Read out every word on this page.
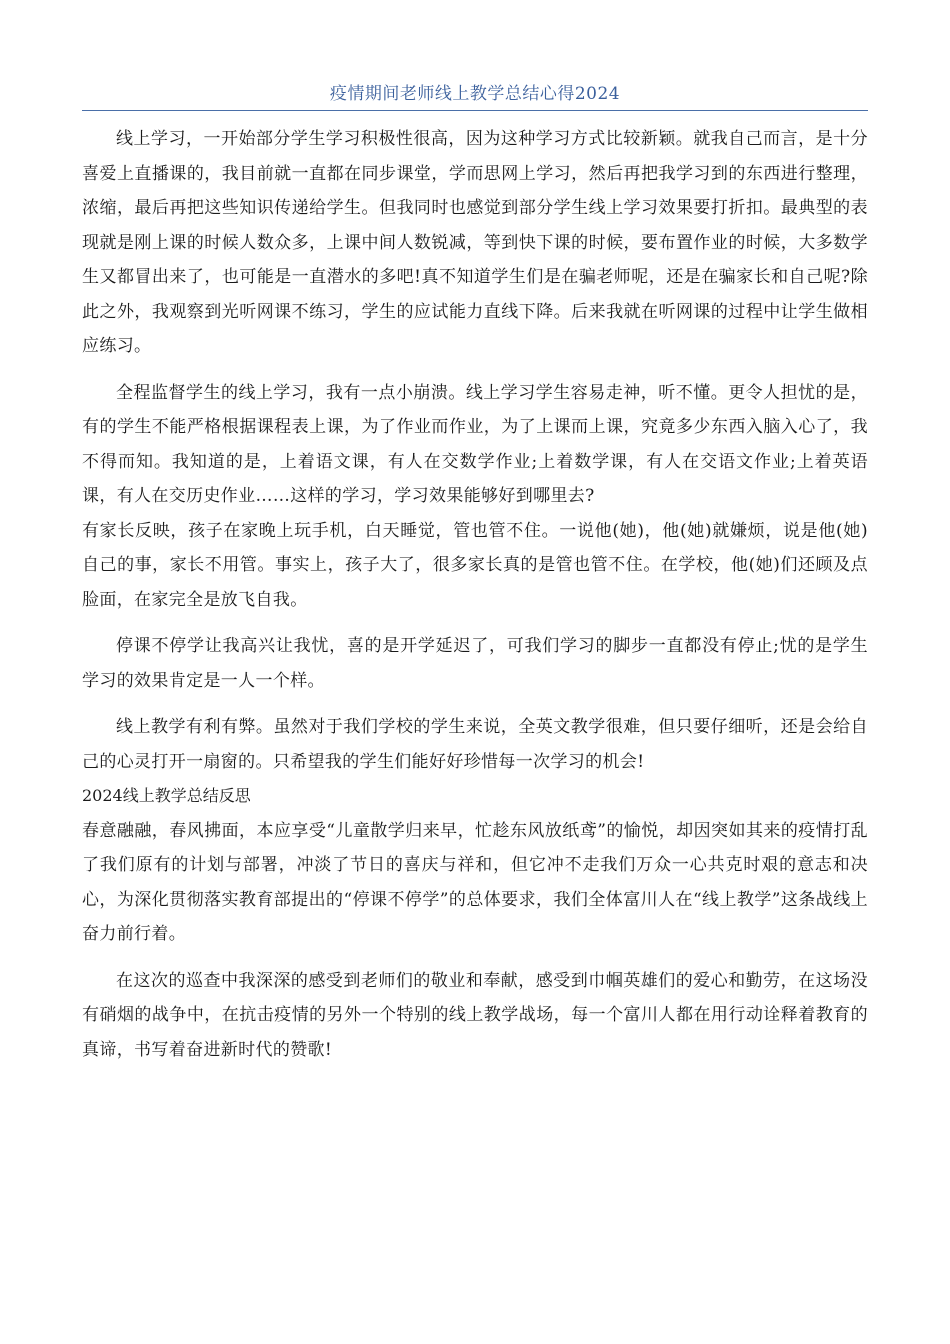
疫情期间老师线上教学总结心得2024

线上学习，一开始部分学生学习积极性很高，因为这种学习方式比较新颖。就我自己而言，是十分喜爱上直播课的，我目前就一直都在同步课堂，学而思网上学习，然后再把我学习到的东西进行整理，浓缩，最后再把这些知识传递给学生。但我同时也感觉到部分学生线上学习效果要打折扣。最典型的表现就是刚上课的时候人数众多，上课中间人数锐减，等到快下课的时候，要布置作业的时候，大多数学生又都冒出来了，也可能是一直潜水的多吧!真不知道学生们是在骗老师呢，还是在骗家长和自己呢?除此之外，我观察到光听网课不练习，学生的应试能力直线下降。后来我就在听网课的过程中让学生做相应练习。

全程监督学生的线上学习，我有一点小崩溃。线上学习学生容易走神，听不懂。更令人担忧的是，有的学生不能严格根据课程表上课，为了作业而作业，为了上课而上课，究竟多少东西入脑入心了，我不得而知。我知道的是，上着语文课，有人在交数学作业;上着数学课，有人在交语文作业;上着英语课，有人在交历史作业……这样的学习，学习效果能够好到哪里去?

有家长反映，孩子在家晚上玩手机，白天睡觉，管也管不住。一说他(她)，他(她)就嫌烦，说是他(她)自己的事，家长不用管。事实上，孩子大了，很多家长真的是管也管不住。在学校，他(她)们还顾及点脸面，在家完全是放飞自我。

停课不停学让我高兴让我忧，喜的是开学延迟了，可我们学习的脚步一直都没有停止;忧的是学生学习的效果肯定是一人一个样。

线上教学有利有弊。虽然对于我们学校的学生来说，全英文教学很难，但只要仔细听，还是会给自己的心灵打开一扇窗的。只希望我的学生们能好好珍惜每一次学习的机会!

2024线上教学总结反思

春意融融，春风拂面，本应享受“儿童散学归来早，忙趁东风放纸鸢”的愉悦，却因突如其来的疫情打乱了我们原有的计划与部署，冲淡了节日的喜庆与祥和，但它冲不走我们万众一心共克时艰的意志和决心，为深化贯彻落实教育部提出的“停课不停学”的总体要求，我们全体富川人在“线上教学”这条战线上奋力前行着。

在这次的巡查中我深深的感受到老师们的敬业和奉献，感受到巾帼英雄们的爱心和勤劳，在这场没有硝烟的战争中，在抗击疫情的另外一个特别的线上教学战场，每一个富川人都在用行动诠释着教育的真谛，书写着奋进新时代的赞歌!
